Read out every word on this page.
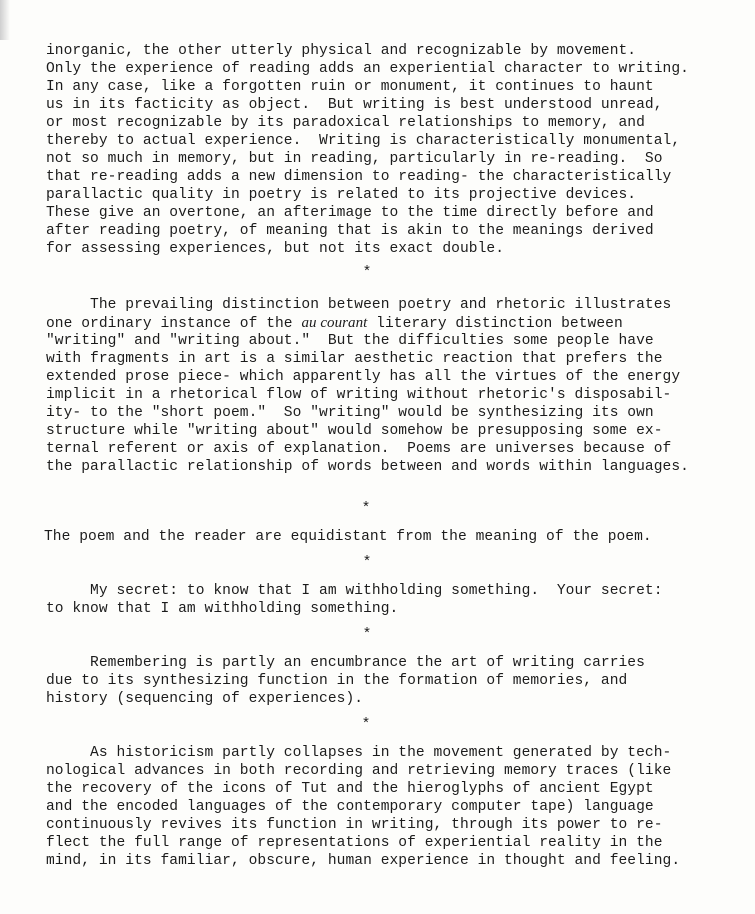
inorganic, the other utterly physical and recognizable by movement.
Only the experience of reading adds an experiential character to writing.
In any case, like a forgotten ruin or monument, it continues to haunt
us in its facticity as object.  But writing is best understood unread,
or most recognizable by its paradoxical relationships to memory, and
thereby to actual experience.  Writing is characteristically monumental,
not so much in memory, but in reading, particularly in re-reading.  So
that re-reading adds a new dimension to reading- the characteristically
parallactic quality in poetry is related to its projective devices.
These give an overtone, an afterimage to the time directly before and
after reading poetry, of meaning that is akin to the meanings derived
for assessing experiences, but not its exact double.
*
The prevailing distinction between poetry and rhetoric illustrates
one ordinary instance of the au courant literary distinction between
"writing" and "writing about."  But the difficulties some people have
with fragments in art is a similar aesthetic reaction that prefers the
extended prose piece- which apparently has all the virtues of the energy
implicit in a rhetorical flow of writing without rhetoric's disposabil-
ity- to the "short poem."  So "writing" would be synthesizing its own
structure while "writing about" would somehow be presupposing some ex-
ternal referent or axis of explanation.  Poems are universes because of
the parallactic relationship of words between and words within languages.
*
The poem and the reader are equidistant from the meaning of the poem.
*
My secret: to know that I am withholding something.  Your secret:
to know that I am withholding something.
*
Remembering is partly an encumbrance the art of writing carries
due to its synthesizing function in the formation of memories, and
history (sequencing of experiences).
*
As historicism partly collapses in the movement generated by tech-
nological advances in both recording and retrieving memory traces (like
the recovery of the icons of Tut and the hieroglyphs of ancient Egypt
and the encoded languages of the contemporary computer tape) language
continuously revives its function in writing, through its power to re-
flect the full range of representations of experiential reality in the
mind, in its familiar, obscure, human experience in thought and feeling.
